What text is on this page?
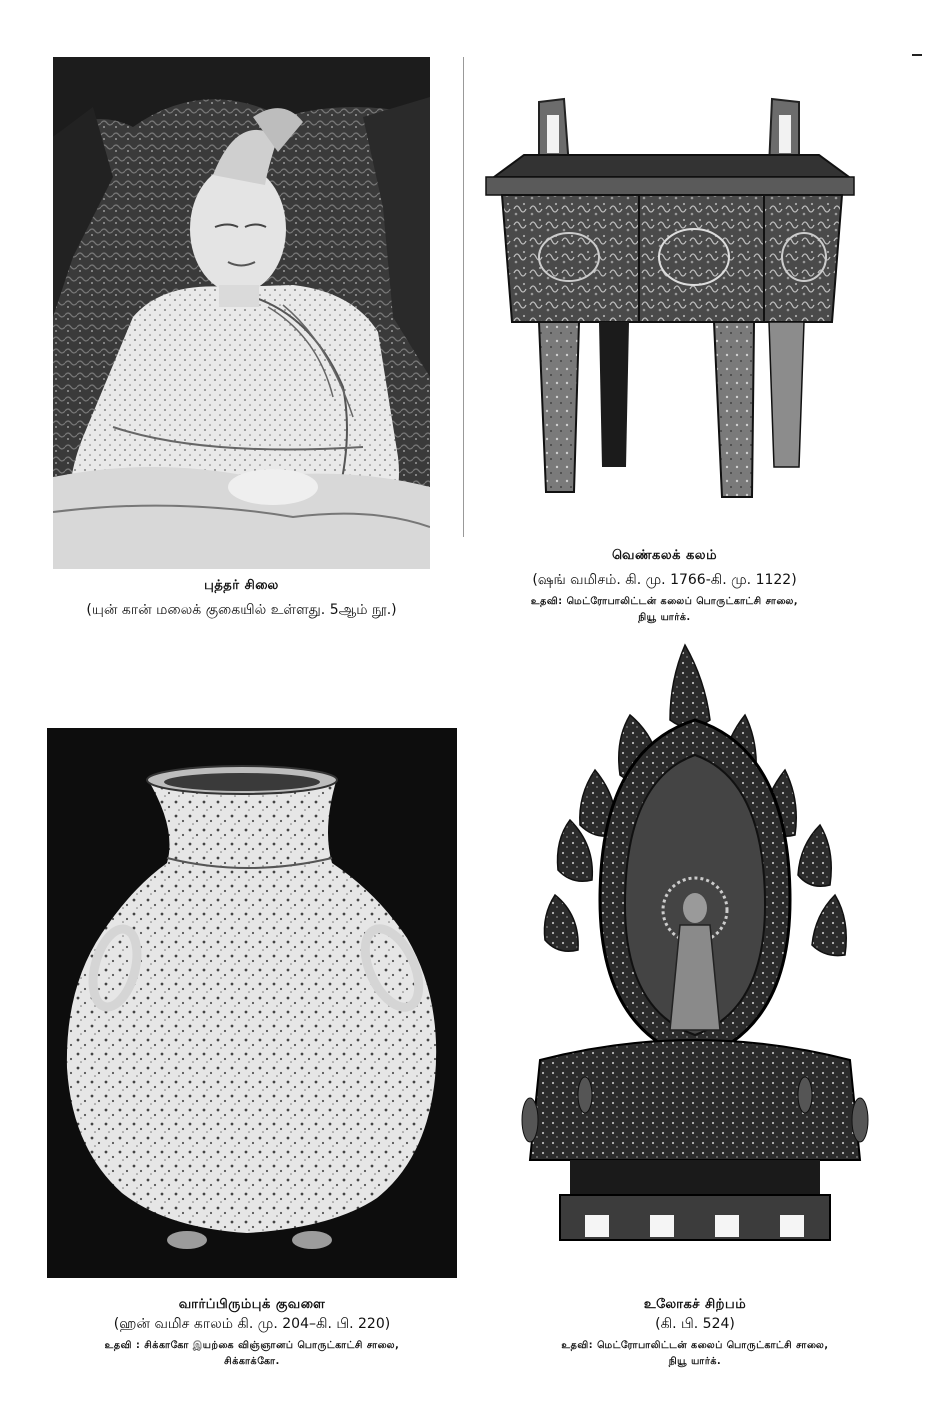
புத்தர் சிலை
(யுன் கான் மலைக் குகையில் உள்ளது. 5ஆம் நூ.)
வெண்கலக் கலம்
(ஷங் வமிசம். கி. மு. 1766-கி. மு. 1122)
உதவி: மெட்ரோபாலிட்டன் கலைப் பொருட்காட்சி சாலை,
நியூ யார்க்.
வார்ப்பிரும்புக் குவளை
(ஹன் வமிச காலம் கி. மு. 204–கி. பி. 220)
உதவி : சிக்காகோ இயற்கை விஞ்ஞானப் பொருட்காட்சி சாலை,
சிக்காக்கோ.
உலோகச் சிற்பம்
(கி. பி. 524)
உதவி: மெட்ரோபாலிட்டன் கலைப் பொருட்காட்சி சாலை,
நியூ யார்க்.
